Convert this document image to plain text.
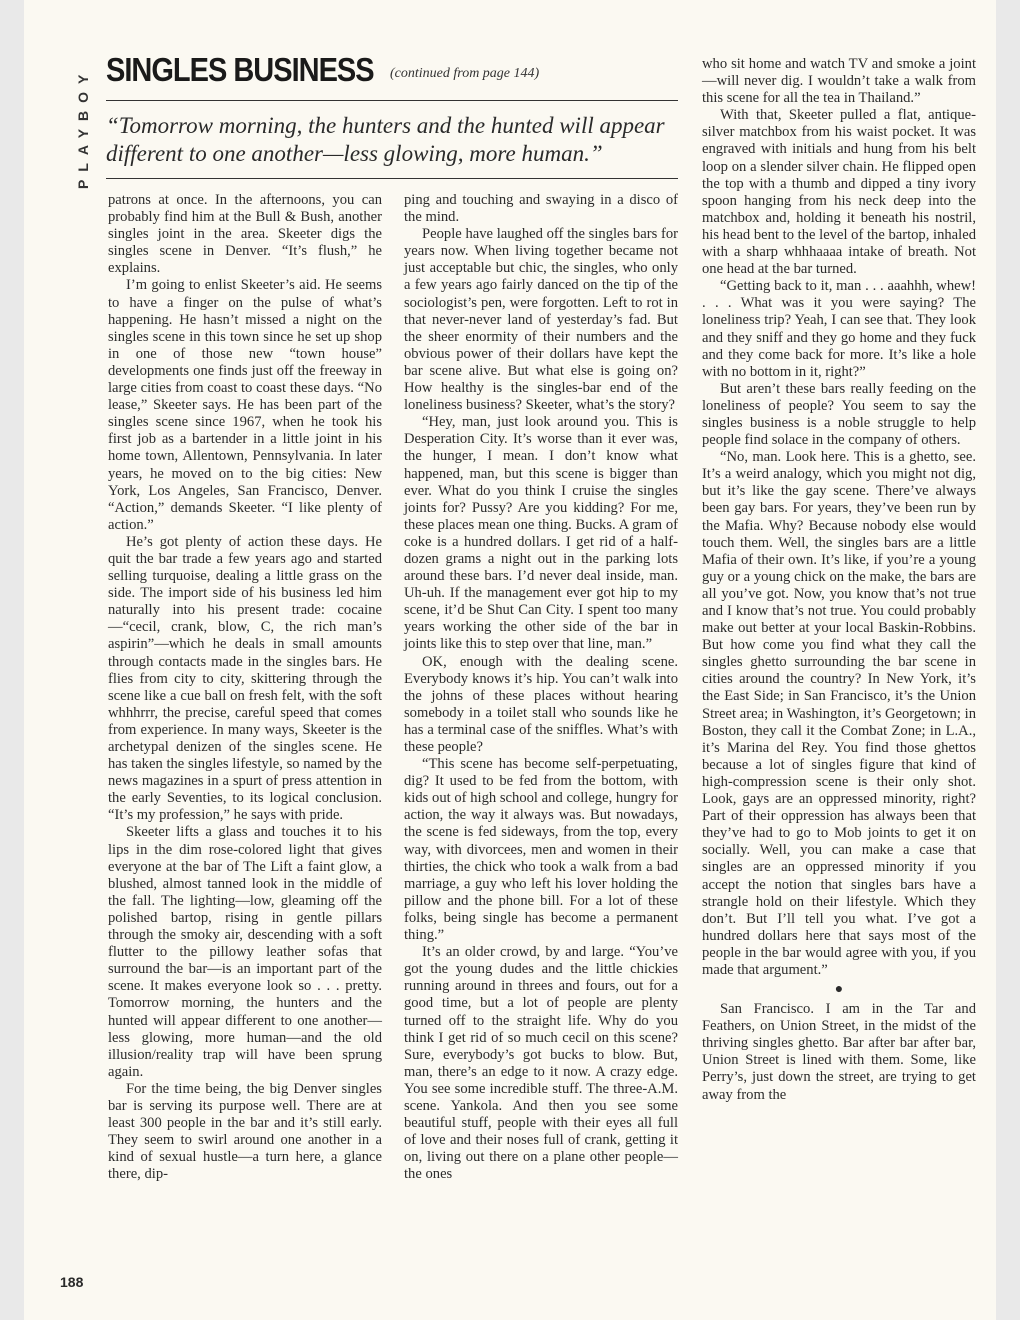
PLAYBOY SINGLES BUSINESS (continued from page 144)
“Tomorrow morning, the hunters and the hunted will appear different to one another—less glowing, more human.”

patrons at once. In the afternoons, you can probably find him at the Bull & Bush, another singles joint in the area. Skeeter digs the singles scene in Denver. “It’s flush,” he explains.

I’m going to enlist Skeeter’s aid. He seems to have a finger on the pulse of what’s happening. He hasn’t missed a night on the singles scene in this town since he set up shop in one of those new “town house” developments one finds just off the freeway in large cities from coast to coast these days. “No lease,” Skeeter says. He has been part of the singles scene since 1967, when he took his first job as a bartender in a little joint in his home town, Allentown, Pennsylvania. In later years, he moved on to the big cities: New York, Los Angeles, San Francisco, Denver. “Action,” demands Skeeter. “I like plenty of action.”

He’s got plenty of action these days. He quit the bar trade a few years ago and started selling turquoise, dealing a little grass on the side. The import side of his business led him naturally into his present trade: cocaine—“cecil, crank, blow, C, the rich man’s aspirin”—which he deals in small amounts through contacts made in the singles bars. He flies from city to city, skittering through the scene like a cue ball on fresh felt, with the soft whhhrrr, the precise, careful speed that comes from experience. In many ways, Skeeter is the archetypal denizen of the singles scene. He has taken the singles lifestyle, so named by the news magazines in a spurt of press attention in the early Seventies, to its logical conclusion. “It’s my profession,” he says with pride.

Skeeter lifts a glass and touches it to his lips in the dim rose-colored light that gives everyone at the bar of The Lift a faint glow, a blushed, almost tanned look in the middle of the fall. The lighting—low, gleaming off the polished bartop, rising in gentle pillars through the smoky air, descending with a soft flutter to the pillowy leather sofas that surround the bar—is an important part of the scene. It makes everyone look so . . . pretty. Tomorrow morning, the hunters and the hunted will appear different to one another—less glowing, more human—and the old illusion/reality trap will have been sprung again.

For the time being, the big Denver singles bar is serving its purpose well. There are at least 300 people in the bar and it’s still early. They seem to swirl around one another in a kind of sexual hustle—a turn here, a glance there, dip-

ping and touching and swaying in a disco of the mind.

People have laughed off the singles bars for years now. When living together became not just acceptable but chic, the singles, who only a few years ago fairly danced on the tip of the sociologist’s pen, were forgotten. Left to rot in that never-never land of yesterday’s fad. But the sheer enormity of their numbers and the obvious power of their dollars have kept the bar scene alive. But what else is going on? How healthy is the singles-bar end of the loneliness business? Skeeter, what’s the story?

“Hey, man, just look around you. This is Desperation City. It’s worse than it ever was, the hunger, I mean. I don’t know what happened, man, but this scene is bigger than ever. What do you think I cruise the singles joints for? Pussy? Are you kidding? For me, these places mean one thing. Bucks. A gram of coke is a hundred dollars. I get rid of a half-dozen grams a night out in the parking lots around these bars. I’d never deal inside, man. Uh-uh. If the management ever got hip to my scene, it’d be Shut Can City. I spent too many years working the other side of the bar in joints like this to step over that line, man.”

OK, enough with the dealing scene. Everybody knows it’s hip. You can’t walk into the johns of these places without hearing somebody in a toilet stall who sounds like he has a terminal case of the sniffles. What’s with these people?

“This scene has become self-perpetuating, dig? It used to be fed from the bottom, with kids out of high school and college, hungry for action, the way it always was. But nowadays, the scene is fed sideways, from the top, every way, with divorcees, men and women in their thirties, the chick who took a walk from a bad marriage, a guy who left his lover holding the pillow and the phone bill. For a lot of these folks, being single has become a permanent thing.”

It’s an older crowd, by and large. “You’ve got the young dudes and the little chickies running around in threes and fours, out for a good time, but a lot of people are plenty turned off to the straight life. Why do you think I get rid of so much cecil on this scene? Sure, everybody’s got bucks to blow. But, man, there’s an edge to it now. A crazy edge. You see some incredible stuff. The three-A.M. scene. Yankola. And then you see some beautiful stuff, people with their eyes all full of love and their noses full of crank, getting it on, living out there on a plane other people—the ones

who sit home and watch TV and smoke a joint—will never dig. I wouldn’t take a walk from this scene for all the tea in Thailand.”

With that, Skeeter pulled a flat, antique-silver matchbox from his waist pocket. It was engraved with initials and hung from his belt loop on a slender silver chain. He flipped open the top with a thumb and dipped a tiny ivory spoon hanging from his neck deep into the matchbox and, holding it beneath his nostril, his head bent to the level of the bartop, inhaled with a sharp whhhaaaa intake of breath. Not one head at the bar turned.

“Getting back to it, man . . . aaahhh, whew! . . . What was it you were saying? The loneliness trip? Yeah, I can see that. They look and they sniff and they go home and they fuck and they come back for more. It’s like a hole with no bottom in it, right?”

But aren’t these bars really feeding on the loneliness of people? You seem to say the singles business is a noble struggle to help people find solace in the company of others.

“No, man. Look here. This is a ghetto, see. It’s a weird analogy, which you might not dig, but it’s like the gay scene. There’ve always been gay bars. For years, they’ve been run by the Mafia. Why? Because nobody else would touch them. Well, the singles bars are a little Mafia of their own. It’s like, if you’re a young guy or a young chick on the make, the bars are all you’ve got. Now, you know that’s not true and I know that’s not true. You could probably make out better at your local Baskin-Robbins. But how come you find what they call the singles ghetto surrounding the bar scene in cities around the country? In New York, it’s the East Side; in San Francisco, it’s the Union Street area; in Washington, it’s Georgetown; in Boston, they call it the Combat Zone; in L.A., it’s Marina del Rey. You find those ghettos because a lot of singles figure that kind of high-compression scene is their only shot. Look, gays are an oppressed minority, right? Part of their oppression has always been that they’ve had to go to Mob joints to get it on socially. Well, you can make a case that singles are an oppressed minority if you accept the notion that singles bars have a strangle hold on their lifestyle. Which they don’t. But I’ll tell you what. I’ve got a hundred dollars here that says most of the people in the bar would agree with you, if you made that argument.”

●

San Francisco. I am in the Tar and Feathers, on Union Street, in the midst of the thriving singles ghetto. Bar after bar after bar, Union Street is lined with them. Some, like Perry’s, just down the street, are trying to get away from the

188
